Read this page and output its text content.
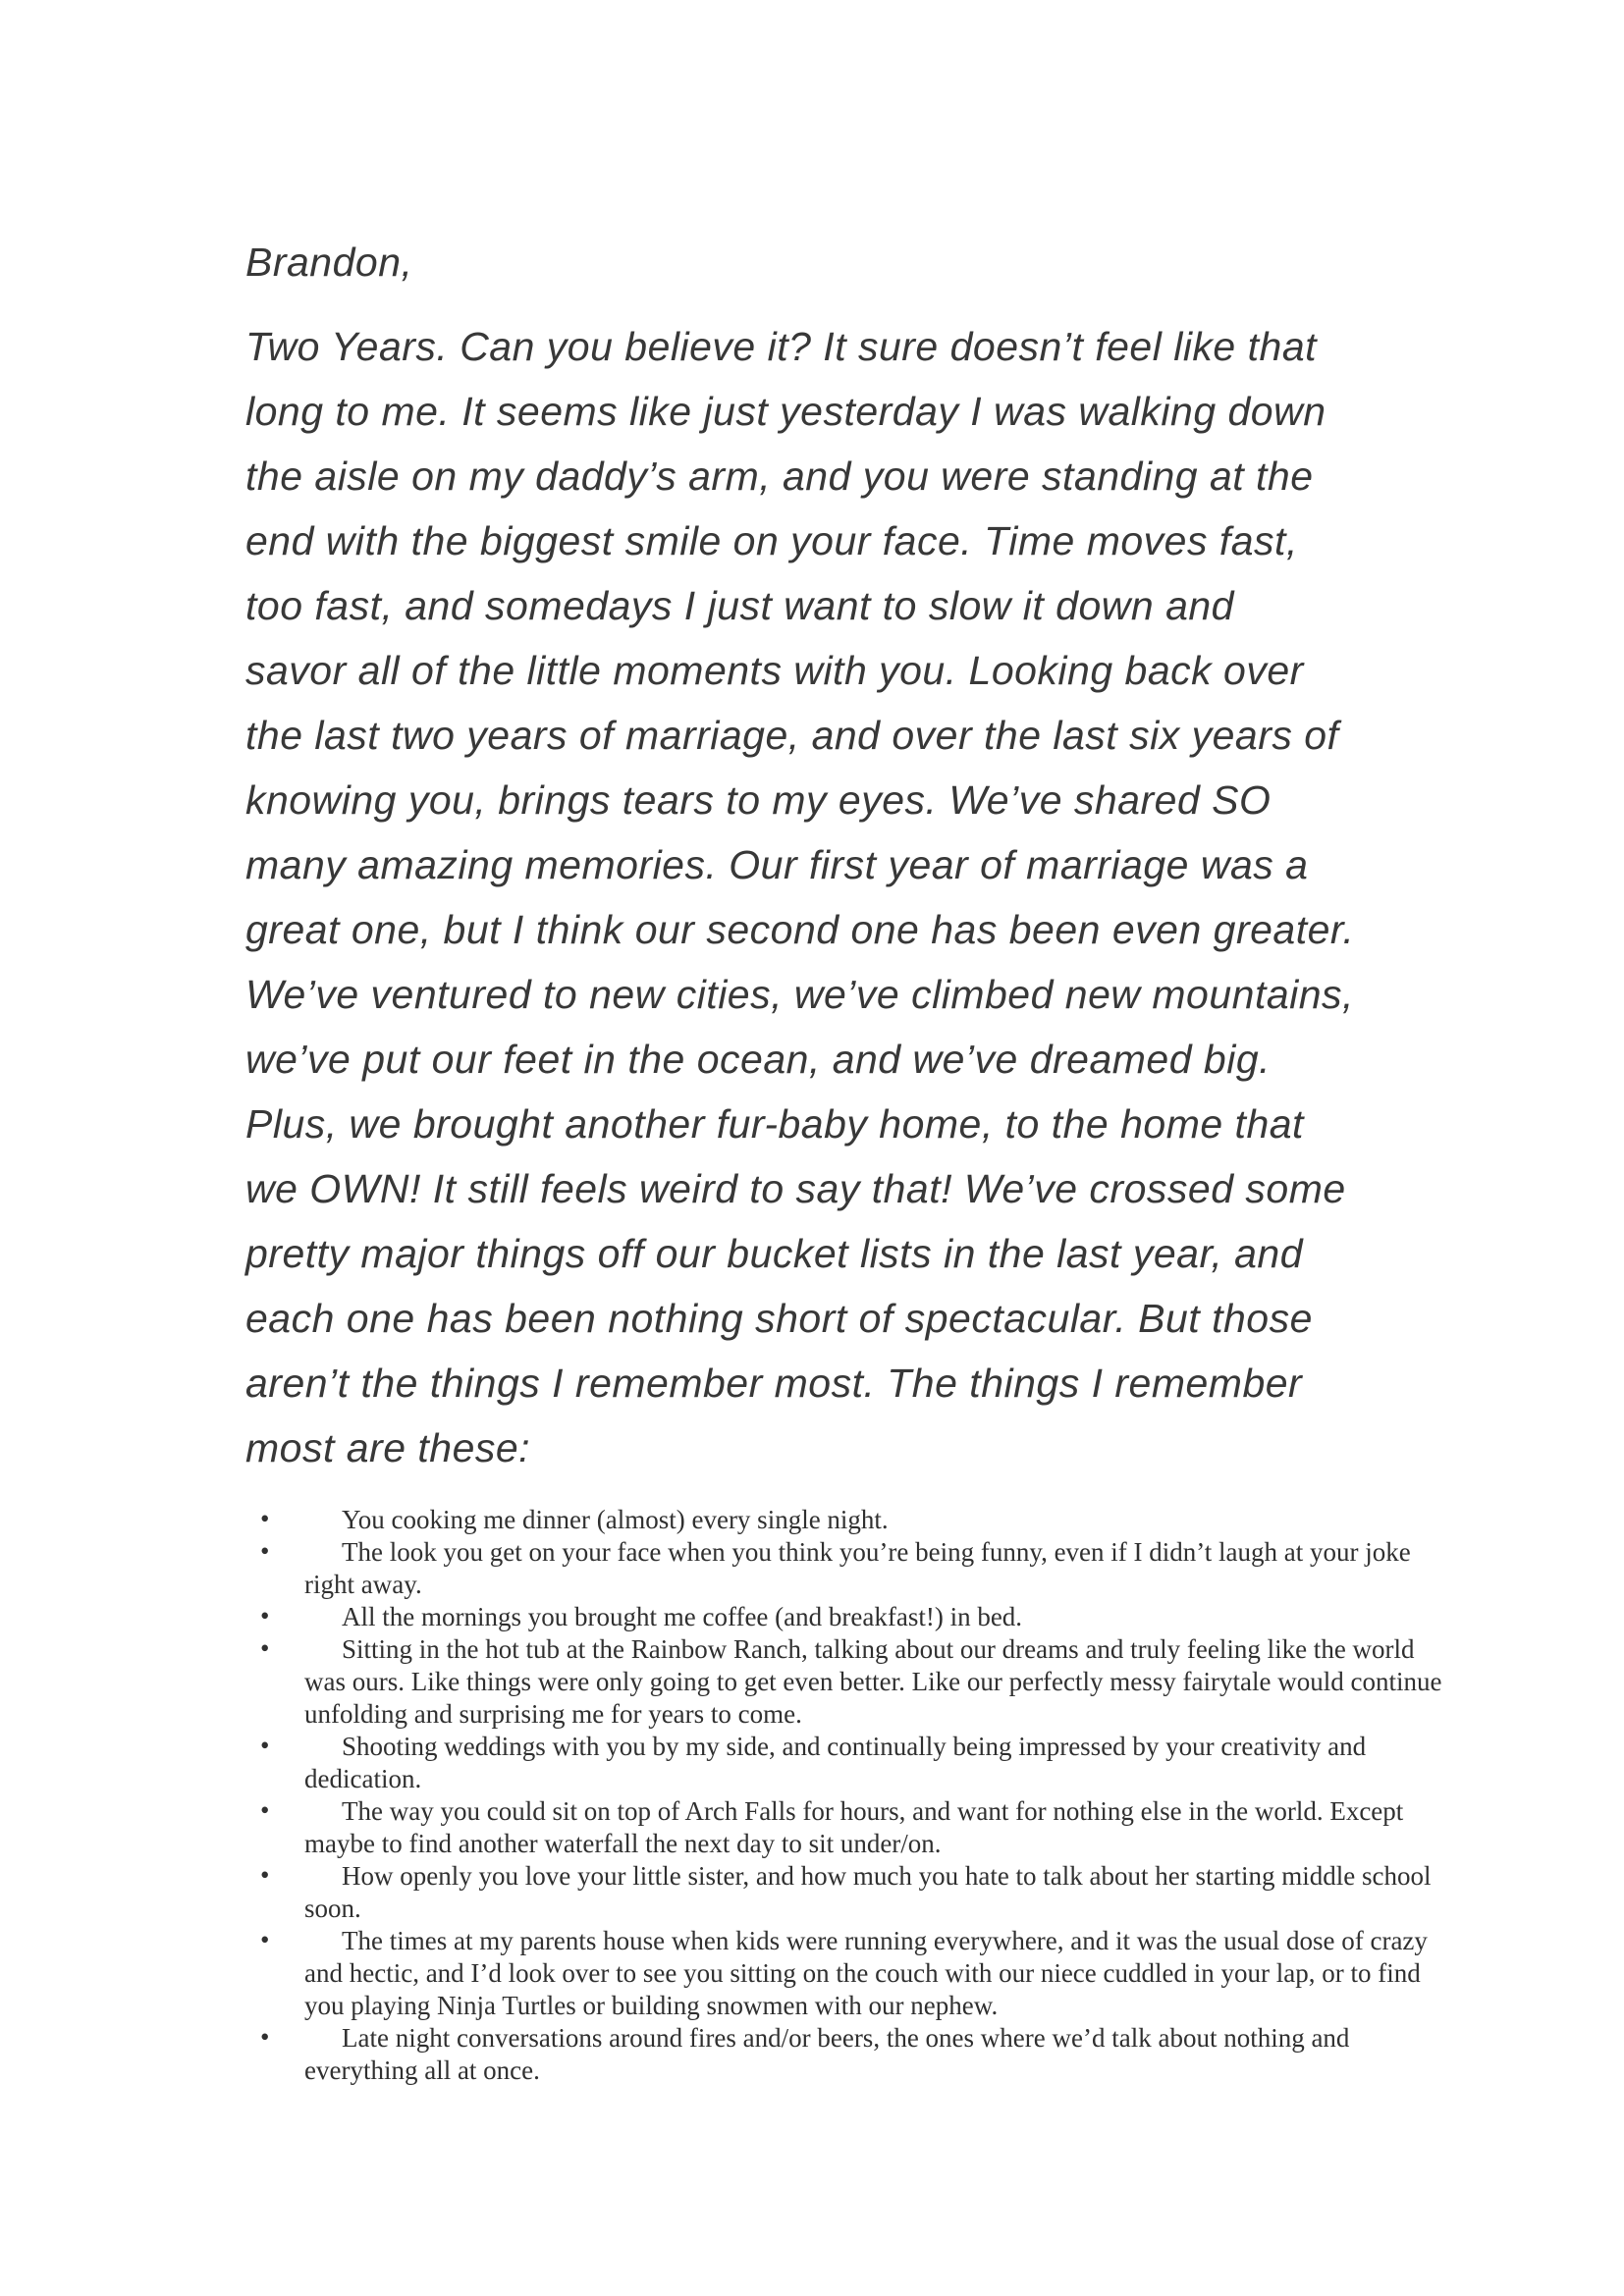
Brandon,
Two Years. Can you believe it? It sure doesn’t feel like that
long to me. It seems like just yesterday I was walking down
the aisle on my daddy’s arm, and you were standing at the
end with the biggest smile on your face. Time moves fast,
too fast, and somedays I just want to slow it down and
savor all of the little moments with you. Looking back over
the last two years of marriage, and over the last six years of
knowing you, brings tears to my eyes. We’ve shared SO
many amazing memories. Our first year of marriage was a
great one, but I think our second one has been even greater.
We’ve ventured to new cities, we’ve climbed new mountains,
we’ve put our feet in the ocean, and we’ve dreamed big.
Plus, we brought another fur-baby home, to the home that
we OWN! It still feels weird to say that! We’ve crossed some
pretty major things off our bucket lists in the last year, and
each one has been nothing short of spectacular. But those
aren’t the things I remember most. The things I remember
most are these:
•	You cooking me dinner (almost) every single night.
•	The look you get on your face when you think you’re being funny, even if I didn’t laugh at your joke
right away.
•	All the mornings you brought me coffee (and breakfast!) in bed.
•	Sitting in the hot tub at the Rainbow Ranch, talking about our dreams and truly feeling like the world
was ours. Like things were only going to get even better. Like our perfectly messy fairytale would continue
unfolding and surprising me for years to come.
•	Shooting weddings with you by my side, and continually being impressed by your creativity and
dedication.
•	The way you could sit on top of Arch Falls for hours, and want for nothing else in the world. Except
maybe to find another waterfall the next day to sit under/on.
•	How openly you love your little sister, and how much you hate to talk about her starting middle school
soon.
•	The times at my parents house when kids were running everywhere, and it was the usual dose of crazy
and hectic, and I’d look over to see you sitting on the couch with our niece cuddled in your lap, or to find
you playing Ninja Turtles or building snowmen with our nephew.
•	Late night conversations around fires and/or beers, the ones where we’d talk about nothing and
everything all at once.
